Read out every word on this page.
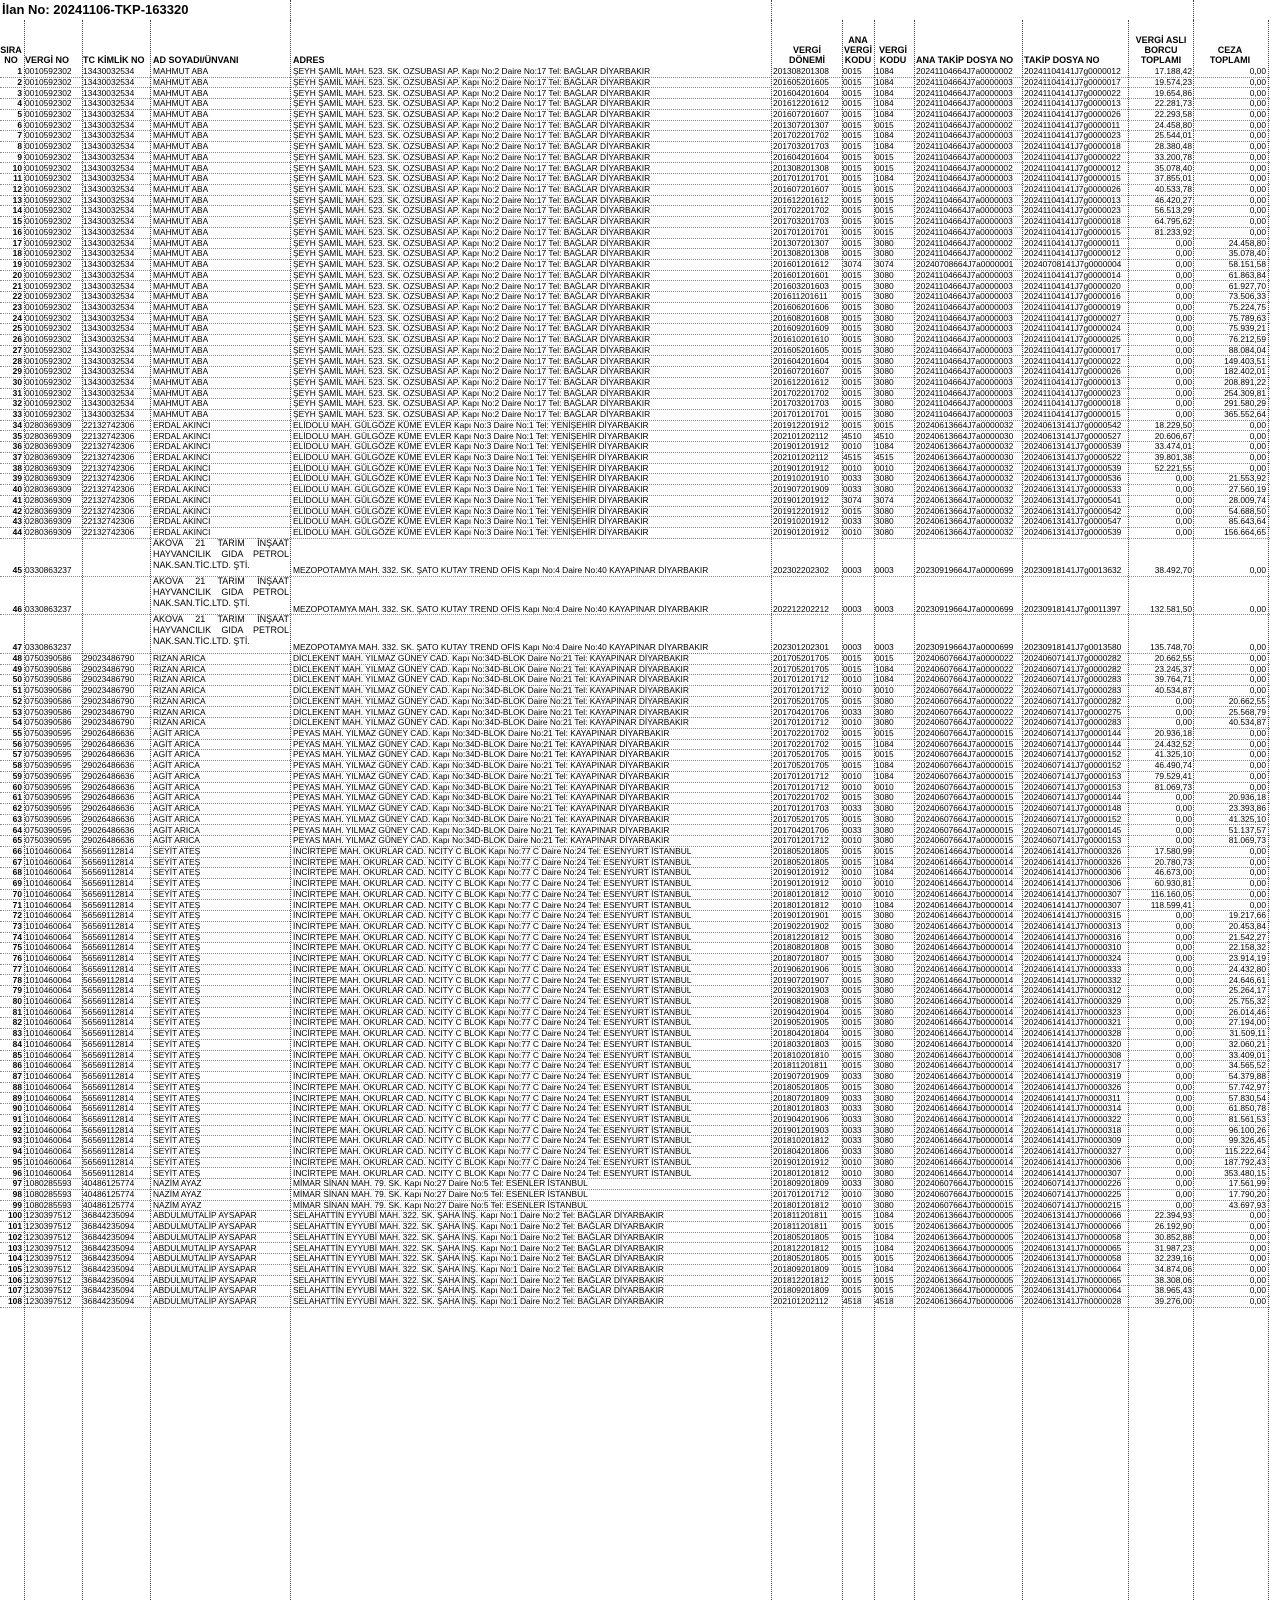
İlan No: 20241106-TKP-163320
SIRA
NO VERGİ NO	TC KİMLİK NO AD SOYADI/ÜNVANI	ADRES
VERGİ
DÖNEMİ
ANA
VERGİ
KODU
VERGİ
KODU	ANA TAKİP DOSYA NO	TAKİP DOSYA NO
VERGİ ASLI
BORCU
TOPLAMI
CEZA
TOPLAMI
1 0010592302	13430032534	MAHMUT ABA	ŞEYH ŞAMİL MAH. 523. SK. OZSUBASI AP. Kapı No:2 Daire No:17 Tel: BAĞLAR DİYARBAKIR	201308201308	0015	1084	20241104664J7a0000002	20241104141J7g0000012	17.188,42	0,00
2 0010592302	13430032534	MAHMUT ABA	ŞEYH ŞAMİL MAH. 523. SK. OZSUBASI AP. Kapı No:2 Daire No:17 Tel: BAĞLAR DİYARBAKIR	201605201605	0015	1084	20241104664J7a0000003	20241104141J7g0000017	19.574,23	0,00
3 0010592302	13430032534	MAHMUT ABA	ŞEYH ŞAMİL MAH. 523. SK. OZSUBASI AP. Kapı No:2 Daire No:17 Tel: BAĞLAR DİYARBAKIR	201604201604	0015	1084	20241104664J7a0000003	20241104141J7g0000022	19.654,86	0,00
4 0010592302	13430032534	MAHMUT ABA	ŞEYH ŞAMİL MAH. 523. SK. OZSUBASI AP. Kapı No:2 Daire No:17 Tel: BAĞLAR DİYARBAKIR	201612201612	0015	1084	20241104664J7a0000003	20241104141J7g0000013	22.281,73	0,00
5 0010592302	13430032534	MAHMUT ABA	ŞEYH ŞAMİL MAH. 523. SK. OZSUBASI AP. Kapı No:2 Daire No:17 Tel: BAĞLAR DİYARBAKIR	201607201607	0015	1084	20241104664J7a0000003	20241104141J7g0000026	22.293,58	0,00
6 0010592302	13430032534	MAHMUT ABA	ŞEYH ŞAMİL MAH. 523. SK. OZSUBASI AP. Kapı No:2 Daire No:17 Tel: BAĞLAR DİYARBAKIR	201307201307	0015	0015	20241104664J7a0000002	20241104141J7g0000011	24.458,80	0,00
7 0010592302	13430032534	MAHMUT ABA	ŞEYH ŞAMİL MAH. 523. SK. OZSUBASI AP. Kapı No:2 Daire No:17 Tel: BAĞLAR DİYARBAKIR	201702201702	0015	1084	20241104664J7a0000003	20241104141J7g0000023	25.544,01	0,00
8 0010592302	13430032534	MAHMUT ABA	ŞEYH ŞAMİL MAH. 523. SK. OZSUBASI AP. Kapı No:2 Daire No:17 Tel: BAĞLAR DİYARBAKIR	201703201703	0015	1084	20241104664J7a0000003	20241104141J7g0000018	28.380,48	0,00
9 0010592302	13430032534	MAHMUT ABA	ŞEYH ŞAMİL MAH. 523. SK. OZSUBASI AP. Kapı No:2 Daire No:17 Tel: BAĞLAR DİYARBAKIR	201604201604	0015	0015	20241104664J7a0000003	20241104141J7g0000022	33.200,78	0,00
10 0010592302	13430032534	MAHMUT ABA	ŞEYH ŞAMİL MAH. 523. SK. OZSUBASI AP. Kapı No:2 Daire No:17 Tel: BAĞLAR DİYARBAKIR	201308201308	0015	0015	20241104664J7a0000002	20241104141J7g0000012	35.078,40	0,00
11 0010592302	13430032534	MAHMUT ABA	ŞEYH ŞAMİL MAH. 523. SK. OZSUBASI AP. Kapı No:2 Daire No:17 Tel: BAĞLAR DİYARBAKIR	201701201701	0015	1084	20241104664J7a0000003	20241104141J7g0000015	37.855,01	0,00
12 0010592302	13430032534	MAHMUT ABA	ŞEYH ŞAMİL MAH. 523. SK. OZSUBASI AP. Kapı No:2 Daire No:17 Tel: BAĞLAR DİYARBAKIR	201607201607	0015	0015	20241104664J7a0000003	20241104141J7g0000026	40.533,78	0,00
13 0010592302	13430032534	MAHMUT ABA	ŞEYH ŞAMİL MAH. 523. SK. OZSUBASI AP. Kapı No:2 Daire No:17 Tel: BAĞLAR DİYARBAKIR	201612201612	0015	0015	20241104664J7a0000003	20241104141J7g0000013	46.420,27	0,00
14 0010592302	13430032534	MAHMUT ABA	ŞEYH ŞAMİL MAH. 523. SK. OZSUBASI AP. Kapı No:2 Daire No:17 Tel: BAĞLAR DİYARBAKIR	201702201702	0015	0015	20241104664J7a0000003	20241104141J7g0000023	56.513,29	0,00
15 0010592302	13430032534	MAHMUT ABA	ŞEYH ŞAMİL MAH. 523. SK. OZSUBASI AP. Kapı No:2 Daire No:17 Tel: BAĞLAR DİYARBAKIR	201703201703	0015	0015	20241104664J7a0000003	20241104141J7g0000018	64.795,62	0,00
16 0010592302	13430032534	MAHMUT ABA	ŞEYH ŞAMİL MAH. 523. SK. OZSUBASI AP. Kapı No:2 Daire No:17 Tel: BAĞLAR DİYARBAKIR	201701201701	0015	0015	20241104664J7a0000003	20241104141J7g0000015	81.233,92	0,00
17 0010592302	13430032534	MAHMUT ABA	ŞEYH ŞAMİL MAH. 523. SK. OZSUBASI AP. Kapı No:2 Daire No:17 Tel: BAĞLAR DİYARBAKIR	201307201307	0015	3080	20241104664J7a0000002	20241104141J7g0000011	0,00	24.458,80
18 0010592302	13430032534	MAHMUT ABA	ŞEYH ŞAMİL MAH. 523. SK. OZSUBASI AP. Kapı No:2 Daire No:17 Tel: BAĞLAR DİYARBAKIR	201308201308	0015	3080	20241104664J7a0000002	20241104141J7g0000012	0,00	35.078,40
19 0010592302	13430032534	MAHMUT ABA	ŞEYH ŞAMİL MAH. 523. SK. OZSUBASI AP. Kapı No:2 Daire No:17 Tel: BAĞLAR DİYARBAKIR	201601201612	3074	3074	20240708664J7a0000001	20240708141J7g0000004	0,00	58.151,58
20 0010592302	13430032534	MAHMUT ABA	ŞEYH ŞAMİL MAH. 523. SK. OZSUBASI AP. Kapı No:2 Daire No:17 Tel: BAĞLAR DİYARBAKIR	201601201601	0015	3080	20241104664J7a0000003	20241104141J7g0000014	0,00	61.863,84
21 0010592302	13430032534	MAHMUT ABA	ŞEYH ŞAMİL MAH. 523. SK. OZSUBASI AP. Kapı No:2 Daire No:17 Tel: BAĞLAR DİYARBAKIR	201603201603	0015	3080	20241104664J7a0000003	20241104141J7g0000020	0,00	61.927,70
22 0010592302	13430032534	MAHMUT ABA	ŞEYH ŞAMİL MAH. 523. SK. OZSUBASI AP. Kapı No:2 Daire No:17 Tel: BAĞLAR DİYARBAKIR	201611201611	0015	3080	20241104664J7a0000003	20241104141J7g0000016	0,00	73.506,33
23 0010592302	13430032534	MAHMUT ABA	ŞEYH ŞAMİL MAH. 523. SK. OZSUBASI AP. Kapı No:2 Daire No:17 Tel: BAĞLAR DİYARBAKIR	201606201606	0015	3080	20241104664J7a0000003	20241104141J7g0000019	0,00	75.224,75
24 0010592302	13430032534	MAHMUT ABA	ŞEYH ŞAMİL MAH. 523. SK. OZSUBASI AP. Kapı No:2 Daire No:17 Tel: BAĞLAR DİYARBAKIR	201608201608	0015	3080	20241104664J7a0000003	20241104141J7g0000027	0,00	75.789,63
25 0010592302	13430032534	MAHMUT ABA	ŞEYH ŞAMİL MAH. 523. SK. OZSUBASI AP. Kapı No:2 Daire No:17 Tel: BAĞLAR DİYARBAKIR	201609201609	0015	3080	20241104664J7a0000003	20241104141J7g0000024	0,00	75.939,21
26 0010592302	13430032534	MAHMUT ABA	ŞEYH ŞAMİL MAH. 523. SK. OZSUBASI AP. Kapı No:2 Daire No:17 Tel: BAĞLAR DİYARBAKIR	201610201610	0015	3080	20241104664J7a0000003	20241104141J7g0000025	0,00	76.212,59
27 0010592302	13430032534	MAHMUT ABA	ŞEYH ŞAMİL MAH. 523. SK. OZSUBASI AP. Kapı No:2 Daire No:17 Tel: BAĞLAR DİYARBAKIR	201605201605	0015	3080	20241104664J7a0000003	20241104141J7g0000017	0,00	88.084,04
28 0010592302	13430032534	MAHMUT ABA	ŞEYH ŞAMİL MAH. 523. SK. OZSUBASI AP. Kapı No:2 Daire No:17 Tel: BAĞLAR DİYARBAKIR	201604201604	0015	3080	20241104664J7a0000003	20241104141J7g0000022	0,00	149.403,51
29 0010592302	13430032534	MAHMUT ABA	ŞEYH ŞAMİL MAH. 523. SK. OZSUBASI AP. Kapı No:2 Daire No:17 Tel: BAĞLAR DİYARBAKIR	201607201607	0015	3080	20241104664J7a0000003	20241104141J7g0000026	0,00	182.402,01
30 0010592302	13430032534	MAHMUT ABA	ŞEYH ŞAMİL MAH. 523. SK. OZSUBASI AP. Kapı No:2 Daire No:17 Tel: BAĞLAR DİYARBAKIR	201612201612	0015	3080	20241104664J7a0000003	20241104141J7g0000013	0,00	208.891,22
31 0010592302	13430032534	MAHMUT ABA	ŞEYH ŞAMİL MAH. 523. SK. OZSUBASI AP. Kapı No:2 Daire No:17 Tel: BAĞLAR DİYARBAKIR	201702201702	0015	3080	20241104664J7a0000003	20241104141J7g0000023	0,00	254.309,81
32 0010592302	13430032534	MAHMUT ABA	ŞEYH ŞAMİL MAH. 523. SK. OZSUBASI AP. Kapı No:2 Daire No:17 Tel: BAĞLAR DİYARBAKIR	201703201703	0015	3080	20241104664J7a0000003	20241104141J7g0000018	0,00	291.580,29
33 0010592302	13430032534	MAHMUT ABA	ŞEYH ŞAMİL MAH. 523. SK. OZSUBASI AP. Kapı No:2 Daire No:17 Tel: BAĞLAR DİYARBAKIR	201701201701	0015	3080	20241104664J7a0000003	20241104141J7g0000015	0,00	365.552,64
34 0280369309	22132742306	ERDAL AKINCI	ELİDOLU MAH. GÜLGÖZE KÜME EVLER Kapı No:3 Daire No:1 Tel: YENİŞEHİR DİYARBAKIR	201912201912	0015	0015	20240613664J7a0000032	20240613141J7g0000542	18.229,50	0,00
35 0280369309	22132742306	ERDAL AKINCI	ELİDOLU MAH. GÜLGÖZE KÜME EVLER Kapı No:3 Daire No:1 Tel: YENİŞEHİR DİYARBAKIR	202101202112	4510	4510	20240613664J7a0000030	20240613141J7g0000527	20.606,67	0,00
36 0280369309	22132742306	ERDAL AKINCI	ELİDOLU MAH. GÜLGÖZE KÜME EVLER Kapı No:3 Daire No:1 Tel: YENİŞEHİR DİYARBAKIR	201901201912	0010	1084	20240613664J7a0000032	20240613141J7g0000539	33.474,01	0,00
37 0280369309	22132742306	ERDAL AKINCI	ELİDOLU MAH. GÜLGÖZE KÜME EVLER Kapı No:3 Daire No:1 Tel: YENİŞEHİR DİYARBAKIR	202101202112	4515	4515	20240613664J7a0000030	20240613141J7g0000522	39.801,38	0,00
38 0280369309	22132742306	ERDAL AKINCI	ELİDOLU MAH. GÜLGÖZE KÜME EVLER Kapı No:3 Daire No:1 Tel: YENİŞEHİR DİYARBAKIR	201901201912	0010	0010	20240613664J7a0000032	20240613141J7g0000539	52.221,55	0,00
39 0280369309	22132742306	ERDAL AKINCI	ELİDOLU MAH. GÜLGÖZE KÜME EVLER Kapı No:3 Daire No:1 Tel: YENİŞEHİR DİYARBAKIR	201910201910	0033	3080	20240613664J7a0000032	20240613141J7g0000536	0,00	21.553,92
40 0280369309	22132742306	ERDAL AKINCI	ELİDOLU MAH. GÜLGÖZE KÜME EVLER Kapı No:3 Daire No:1 Tel: YENİŞEHİR DİYARBAKIR	201907201909	0033	3080	20240613664J7a0000032	20240613141J7g0000533	0,00	27.560,19
41 0280369309	22132742306	ERDAL AKINCI	ELİDOLU MAH. GÜLGÖZE KÜME EVLER Kapı No:3 Daire No:1 Tel: YENİŞEHİR DİYARBAKIR	201901201912	3074	3074	20240613664J7a0000032	20240613141J7g0000541	0,00	28.009,74
42 0280369309	22132742306	ERDAL AKINCI	ELİDOLU MAH. GÜLGÖZE KÜME EVLER Kapı No:3 Daire No:1 Tel: YENİŞEHİR DİYARBAKIR	201912201912	0015	3080	20240613664J7a0000032	20240613141J7g0000542	0,00	54.688,50
43 0280369309	22132742306	ERDAL AKINCI	ELİDOLU MAH. GÜLGÖZE KÜME EVLER Kapı No:3 Daire No:1 Tel: YENİŞEHİR DİYARBAKIR	201910201912	0033	3080	20240613664J7a0000032	20240613141J7g0000547	0,00	85.643,64
44 0280369309	22132742306	ERDAL AKINCI	ELİDOLU MAH. GÜLGÖZE KÜME EVLER Kapı No:3 Daire No:1 Tel: YENİŞEHİR DİYARBAKIR	201901201912	0010	3080	20240613664J7a0000032	20240613141J7g0000539	0,00	156.664,65
45 0330863237
AKOVA 21 TARIM İNŞAAT HAYVANCILIK GIDA PETROL NAK.SAN.TİC.LTD. ŞTİ.
MEZOPOTAMYA MAH. 332. SK. ŞATO KUTAY TREND OFİS Kapı No:4 Daire No:40 KAYAPINAR DİYARBAKIR	202302202302	0003	0003	20230919664J7a0000699	20230918141J7g0013632	38.492,70	0,00
46 0330863237
AKOVA 21 TARIM İNŞAAT HAYVANCILIK GIDA PETROL NAK.SAN.TİC.LTD. ŞTİ.
MEZOPOTAMYA MAH. 332. SK. ŞATO KUTAY TREND OFİS Kapı No:4 Daire No:40 KAYAPINAR DİYARBAKIR	202212202212	0003	0003	20230919664J7a0000699	20230918141J7g0011397	132.581,50	0,00
47 0330863237
AKOVA 21 TARIM İNŞAAT HAYVANCILIK GIDA PETROL NAK.SAN.TİC.LTD. ŞTİ.
MEZOPOTAMYA MAH. 332. SK. ŞATO KUTAY TREND OFİS Kapı No:4 Daire No:40 KAYAPINAR DİYARBAKIR	202301202301	0003	0003	20230919664J7a0000699	20230918141J7g0013580	135.748,70	0,00
48 0750390586	29023486790	RIZAN ARICA	DİCLEKENT MAH. YILMAZ GÜNEY CAD. Kapı No:34D-BLOK Daire No:21 Tel: KAYAPINAR DİYARBAKIR	201705201705	0015	0015	20240607664J7a0000022	20240607141J7g0000282	20.662,55	0,00
49 0750390586	29023486790	RIZAN ARICA	DİCLEKENT MAH. YILMAZ GÜNEY CAD. Kapı No:34D-BLOK Daire No:21 Tel: KAYAPINAR DİYARBAKIR	201705201705	0015	1084	20240607664J7a0000022	20240607141J7g0000282	23.245,37	0,00
50 0750390586	29023486790	RIZAN ARICA	DİCLEKENT MAH. YILMAZ GÜNEY CAD. Kapı No:34D-BLOK Daire No:21 Tel: KAYAPINAR DİYARBAKIR	201701201712	0010	1084	20240607664J7a0000022	20240607141J7g0000283	39.764,71	0,00
51 0750390586	29023486790	RIZAN ARICA	DİCLEKENT MAH. YILMAZ GÜNEY CAD. Kapı No:34D-BLOK Daire No:21 Tel: KAYAPINAR DİYARBAKIR	201701201712	0010	0010	20240607664J7a0000022	20240607141J7g0000283	40.534,87	0,00
52 0750390586	29023486790	RIZAN ARICA	DİCLEKENT MAH. YILMAZ GÜNEY CAD. Kapı No:34D-BLOK Daire No:21 Tel: KAYAPINAR DİYARBAKIR	201705201705	0015	3080	20240607664J7a0000022	20240607141J7g0000282	0,00	20.662,55
53 0750390586	29023486790	RIZAN ARICA	DİCLEKENT MAH. YILMAZ GÜNEY CAD. Kapı No:34D-BLOK Daire No:21 Tel: KAYAPINAR DİYARBAKIR	201704201706	0033	3080	20240607664J7a0000022	20240607141J7g0000275	0,00	25.568,79
54 0750390586	29023486790	RIZAN ARICA	DİCLEKENT MAH. YILMAZ GÜNEY CAD. Kapı No:34D-BLOK Daire No:21 Tel: KAYAPINAR DİYARBAKIR	201701201712	0010	3080	20240607664J7a0000022	20240607141J7g0000283	0,00	40.534,87
55 0750390595	29026486636	AGİT ARICA	PEYAS MAH. YILMAZ GÜNEY CAD. Kapı No:34D-BLOK Daire No:21 Tel: KAYAPINAR DİYARBAKIR	201702201702	0015	0015	20240607664J7a0000015	20240607141J7g0000144	20.936,18	0,00
56 0750390595	29026486636	AGİT ARICA	PEYAS MAH. YILMAZ GÜNEY CAD. Kapı No:34D-BLOK Daire No:21 Tel: KAYAPINAR DİYARBAKIR	201702201702	0015	1084	20240607664J7a0000015	20240607141J7g0000144	24.432,52	0,00
57 0750390595	29026486636	AGİT ARICA	PEYAS MAH. YILMAZ GÜNEY CAD. Kapı No:34D-BLOK Daire No:21 Tel: KAYAPINAR DİYARBAKIR	201705201705	0015	0015	20240607664J7a0000015	20240607141J7g0000152	41.325,10	0,00
58 0750390595	29026486636	AGİT ARICA	PEYAS MAH. YILMAZ GÜNEY CAD. Kapı No:34D-BLOK Daire No:21 Tel: KAYAPINAR DİYARBAKIR	201705201705	0015	1084	20240607664J7a0000015	20240607141J7g0000152	46.490,74	0,00
59 0750390595	29026486636	AGİT ARICA	PEYAS MAH. YILMAZ GÜNEY CAD. Kapı No:34D-BLOK Daire No:21 Tel: KAYAPINAR DİYARBAKIR	201701201712	0010	1084	20240607664J7a0000015	20240607141J7g0000153	79.529,41	0,00
60 0750390595	29026486636	AGİT ARICA	PEYAS MAH. YILMAZ GÜNEY CAD. Kapı No:34D-BLOK Daire No:21 Tel: KAYAPINAR DİYARBAKIR	201701201712	0010	0010	20240607664J7a0000015	20240607141J7g0000153	81.069,73	0,00
61 0750390595	29026486636	AGİT ARICA	PEYAS MAH. YILMAZ GÜNEY CAD. Kapı No:34D-BLOK Daire No:21 Tel: KAYAPINAR DİYARBAKIR	201702201702	0015	3080	20240607664J7a0000015	20240607141J7g0000144	0,00	20.936,18
62 0750390595	29026486636	AGİT ARICA	PEYAS MAH. YILMAZ GÜNEY CAD. Kapı No:34D-BLOK Daire No:21 Tel: KAYAPINAR DİYARBAKIR	201701201703	0033	3080	20240607664J7a0000015	20240607141J7g0000148	0,00	23.393,86
63 0750390595	29026486636	AGİT ARICA	PEYAS MAH. YILMAZ GÜNEY CAD. Kapı No:34D-BLOK Daire No:21 Tel: KAYAPINAR DİYARBAKIR	201705201705	0015	3080	20240607664J7a0000015	20240607141J7g0000152	0,00	41.325,10
64 0750390595	29026486636	AGİT ARICA	PEYAS MAH. YILMAZ GÜNEY CAD. Kapı No:34D-BLOK Daire No:21 Tel: KAYAPINAR DİYARBAKIR	201704201706	0033	3080	20240607664J7a0000015	20240607141J7g0000145	0,00	51.137,57
65 0750390595	29026486636	AGİT ARICA	PEYAS MAH. YILMAZ GÜNEY CAD. Kapı No:34D-BLOK Daire No:21 Tel: KAYAPINAR DİYARBAKIR	201701201712	0010	3080	20240607664J7a0000015	20240607141J7g0000153	0,00	81.069,73
66 1010460064	56569112814	SEYİT ATEŞ	İNCİRTEPE MAH. OKURLAR CAD. NCITY C BLOK Kapı No:77 C Daire No:24 Tel: ESENYURT İSTANBUL	201805201805	0015	0015	20240614664J7b0000014	20240614141J7h0000326	17.580,99	0,00
67 1010460064	56569112814	SEYİT ATEŞ	İNCİRTEPE MAH. OKURLAR CAD. NCITY C BLOK Kapı No:77 C Daire No:24 Tel: ESENYURT İSTANBUL	201805201805	0015	1084	20240614664J7b0000014	20240614141J7h0000326	20.780,73	0,00
68 1010460064	56569112814	SEYİT ATEŞ	İNCİRTEPE MAH. OKURLAR CAD. NCITY C BLOK Kapı No:77 C Daire No:24 Tel: ESENYURT İSTANBUL	201901201912	0010	1084	20240614664J7b0000014	20240614141J7h0000306	46.673,00	0,00
69 1010460064	56569112814	SEYİT ATEŞ	İNCİRTEPE MAH. OKURLAR CAD. NCITY C BLOK Kapı No:77 C Daire No:24 Tel: ESENYURT İSTANBUL	201901201912	0010	0010	20240614664J7b0000014	20240614141J7h0000306	60.930,81	0,00
70 1010460064	56569112814	SEYİT ATEŞ	İNCİRTEPE MAH. OKURLAR CAD. NCITY C BLOK Kapı No:77 C Daire No:24 Tel: ESENYURT İSTANBUL	201801201812	0010	0010	20240614664J7b0000014	20240614141J7h0000307	116.160,05	0,00
71 1010460064	56569112814	SEYİT ATEŞ	İNCİRTEPE MAH. OKURLAR CAD. NCITY C BLOK Kapı No:77 C Daire No:24 Tel: ESENYURT İSTANBUL	201801201812	0010	1084	20240614664J7b0000014	20240614141J7h0000307	118.599,41	0,00
72 1010460064	56569112814	SEYİT ATEŞ	İNCİRTEPE MAH. OKURLAR CAD. NCITY C BLOK Kapı No:77 C Daire No:24 Tel: ESENYURT İSTANBUL	201901201901	0015	3080	20240614664J7b0000014	20240614141J7h0000315	0,00	19.217,66
73 1010460064	56569112814	SEYİT ATEŞ	İNCİRTEPE MAH. OKURLAR CAD. NCITY C BLOK Kapı No:77 C Daire No:24 Tel: ESENYURT İSTANBUL	201902201902	0015	3080	20240614664J7b0000014	20240614141J7h0000313	0,00	20.453,84
74 1010460064	56569112814	SEYİT ATEŞ	İNCİRTEPE MAH. OKURLAR CAD. NCITY C BLOK Kapı No:77 C Daire No:24 Tel: ESENYURT İSTANBUL	201812201812	0015	3080	20240614664J7b0000014	20240614141J7h0000316	0,00	21.542,27
75 1010460064	56569112814	SEYİT ATEŞ	İNCİRTEPE MAH. OKURLAR CAD. NCITY C BLOK Kapı No:77 C Daire No:24 Tel: ESENYURT İSTANBUL	201808201808	0015	3080	20240614664J7b0000014	20240614141J7h0000310	0,00	22.158,32
76 1010460064	56569112814	SEYİT ATEŞ	İNCİRTEPE MAH. OKURLAR CAD. NCITY C BLOK Kapı No:77 C Daire No:24 Tel: ESENYURT İSTANBUL	201807201807	0015	3080	20240614664J7b0000014	20240614141J7h0000324	0,00	23.914,19
77 1010460064	56569112814	SEYİT ATEŞ	İNCİRTEPE MAH. OKURLAR CAD. NCITY C BLOK Kapı No:77 C Daire No:24 Tel: ESENYURT İSTANBUL	201906201906	0015	3080	20240614664J7b0000014	20240614141J7h0000333	0,00	24.432,80
78 1010460064	56569112814	SEYİT ATEŞ	İNCİRTEPE MAH. OKURLAR CAD. NCITY C BLOK Kapı No:77 C Daire No:24 Tel: ESENYURT İSTANBUL	201907201907	0015	3080	20240614664J7b0000014	20240614141J7h0000332	0,00	24.646,61
79 1010460064	56569112814	SEYİT ATEŞ	İNCİRTEPE MAH. OKURLAR CAD. NCITY C BLOK Kapı No:77 C Daire No:24 Tel: ESENYURT İSTANBUL	201903201903	0015	3080	20240614664J7b0000014	20240614141J7h0000312	0,00	25.264,17
80 1010460064	56569112814	SEYİT ATEŞ	İNCİRTEPE MAH. OKURLAR CAD. NCITY C BLOK Kapı No:77 C Daire No:24 Tel: ESENYURT İSTANBUL	201908201908	0015	3080	20240614664J7b0000014	20240614141J7h0000329	0,00	25.755,32
81 1010460064	56569112814	SEYİT ATEŞ	İNCİRTEPE MAH. OKURLAR CAD. NCITY C BLOK Kapı No:77 C Daire No:24 Tel: ESENYURT İSTANBUL	201904201904	0015	3080	20240614664J7b0000014	20240614141J7h0000323	0,00	26.014,46
82 1010460064	56569112814	SEYİT ATEŞ	İNCİRTEPE MAH. OKURLAR CAD. NCITY C BLOK Kapı No:77 C Daire No:24 Tel: ESENYURT İSTANBUL	201905201905	0015	3080	20240614664J7b0000014	20240614141J7h0000321	0,00	27.194,00
83 1010460064	56569112814	SEYİT ATEŞ	İNCİRTEPE MAH. OKURLAR CAD. NCITY C BLOK Kapı No:77 C Daire No:24 Tel: ESENYURT İSTANBUL	201804201804	0015	3080	20240614664J7b0000014	20240614141J7h0000328	0,00	31.509,11
84 1010460064	56569112814	SEYİT ATEŞ	İNCİRTEPE MAH. OKURLAR CAD. NCITY C BLOK Kapı No:77 C Daire No:24 Tel: ESENYURT İSTANBUL	201803201803	0015	3080	20240614664J7b0000014	20240614141J7h0000320	0,00	32.060,21
85 1010460064	56569112814	SEYİT ATEŞ	İNCİRTEPE MAH. OKURLAR CAD. NCITY C BLOK Kapı No:77 C Daire No:24 Tel: ESENYURT İSTANBUL	201810201810	0015	3080	20240614664J7b0000014	20240614141J7h0000308	0,00	33.409,01
86 1010460064	56569112814	SEYİT ATEŞ	İNCİRTEPE MAH. OKURLAR CAD. NCITY C BLOK Kapı No:77 C Daire No:24 Tel: ESENYURT İSTANBUL	201811201811	0015	3080	20240614664J7b0000014	20240614141J7h0000317	0,00	34.565,52
87 1010460064	56569112814	SEYİT ATEŞ	İNCİRTEPE MAH. OKURLAR CAD. NCITY C BLOK Kapı No:77 C Daire No:24 Tel: ESENYURT İSTANBUL	201907201909	0033	3080	20240614664J7b0000014	20240614141J7h0000319	0,00	54.379,88
88 1010460064	56569112814	SEYİT ATEŞ	İNCİRTEPE MAH. OKURLAR CAD. NCITY C BLOK Kapı No:77 C Daire No:24 Tel: ESENYURT İSTANBUL	201805201805	0015	3080	20240614664J7b0000014	20240614141J7h0000326	0,00	57.742,97
89 1010460064	56569112814	SEYİT ATEŞ	İNCİRTEPE MAH. OKURLAR CAD. NCITY C BLOK Kapı No:77 C Daire No:24 Tel: ESENYURT İSTANBUL	201807201809	0033	3080	20240614664J7b0000014	20240614141J7h0000311	0,00	57.830,54
90 1010460064	56569112814	SEYİT ATEŞ	İNCİRTEPE MAH. OKURLAR CAD. NCITY C BLOK Kapı No:77 C Daire No:24 Tel: ESENYURT İSTANBUL	201801201803	0033	3080	20240614664J7b0000014	20240614141J7h0000314	0,00	61.850,78
91 1010460064	56569112814	SEYİT ATEŞ	İNCİRTEPE MAH. OKURLAR CAD. NCITY C BLOK Kapı No:77 C Daire No:24 Tel: ESENYURT İSTANBUL	201904201906	0033	3080	20240614664J7b0000014	20240614141J7h0000322	0,00	81.561,53
92 1010460064	56569112814	SEYİT ATEŞ	İNCİRTEPE MAH. OKURLAR CAD. NCITY C BLOK Kapı No:77 C Daire No:24 Tel: ESENYURT İSTANBUL	201901201903	0033	3080	20240614664J7b0000014	20240614141J7h0000318	0,00	96.100,26
93 1010460064	56569112814	SEYİT ATEŞ	İNCİRTEPE MAH. OKURLAR CAD. NCITY C BLOK Kapı No:77 C Daire No:24 Tel: ESENYURT İSTANBUL	201810201812	0033	3080	20240614664J7b0000014	20240614141J7h0000309	0,00	99.326,45
94 1010460064	56569112814	SEYİT ATEŞ	İNCİRTEPE MAH. OKURLAR CAD. NCITY C BLOK Kapı No:77 C Daire No:24 Tel: ESENYURT İSTANBUL	201804201806	0033	3080	20240614664J7b0000014	20240614141J7h0000327	0,00	115.222,64
95 1010460064	56569112814	SEYİT ATEŞ	İNCİRTEPE MAH. OKURLAR CAD. NCITY C BLOK Kapı No:77 C Daire No:24 Tel: ESENYURT İSTANBUL	201901201912	0010	3080	20240614664J7b0000014	20240614141J7h0000306	0,00	187.792,43
96 1010460064	56569112814	SEYİT ATEŞ	İNCİRTEPE MAH. OKURLAR CAD. NCITY C BLOK Kapı No:77 C Daire No:24 Tel: ESENYURT İSTANBUL	201801201812	0010	3080	20240614664J7b0000014	20240614141J7h0000307	0,00	353.480,15
97 1080285593	40486125774	NAZİM AYAZ	MİMAR SİNAN MAH. 79. SK. Kapı No:27 Daire No:5 Tel: ESENLER İSTANBUL	201809201809	0033	3080	20240607664J7b0000015	20240607141J7h0000226	0,00	17.561,99
98 1080285593	40486125774	NAZİM AYAZ	MİMAR SİNAN MAH. 79. SK. Kapı No:27 Daire No:5 Tel: ESENLER İSTANBUL	201701201712	0010	3080	20240607664J7b0000015	20240607141J7h0000225	0,00	17.790,20
99 1080285593	40486125774	NAZİM AYAZ	MİMAR SİNAN MAH. 79. SK. Kapı No:27 Daire No:5 Tel: ESENLER İSTANBUL	201801201812	0010	3080	20240607664J7b0000015	20240607141J7h0000215	0,00	43.697,93
100 1230397512	36844235094	ABDULMUTALİP AYSAPAR	SELAHATTİN EYYUBİ MAH. 322. SK. ŞAHA İNŞ. Kapı No:1 Daire No:2 Tel: BAĞLAR DİYARBAKIR	201811201811	0015	1084	20240613664J7b0000005	20240613141J7h0000066	22.394,93	0,00
101 1230397512	36844235094	ABDULMUTALİP AYSAPAR	SELAHATTİN EYYUBİ MAH. 322. SK. ŞAHA İNŞ. Kapı No:1 Daire No:2 Tel: BAĞLAR DİYARBAKIR	201811201811	0015	0015	20240613664J7b0000005	20240613141J7h0000066	26.192,90	0,00
102 1230397512	36844235094	ABDULMUTALİP AYSAPAR	SELAHATTİN EYYUBİ MAH. 322. SK. ŞAHA İNŞ. Kapı No:1 Daire No:2 Tel: BAĞLAR DİYARBAKIR	201805201805	0015	1084	20240613664J7b0000005	20240613141J7h0000058	30.852,88	0,00
103 1230397512	36844235094	ABDULMUTALİP AYSAPAR	SELAHATTİN EYYUBİ MAH. 322. SK. ŞAHA İNŞ. Kapı No:1 Daire No:2 Tel: BAĞLAR DİYARBAKIR	201812201812	0015	1084	20240613664J7b0000005	20240613141J7h0000065	31.987,23	0,00
104 1230397512	36844235094	ABDULMUTALİP AYSAPAR	SELAHATTİN EYYUBİ MAH. 322. SK. ŞAHA İNŞ. Kapı No:1 Daire No:2 Tel: BAĞLAR DİYARBAKIR	201805201805	0015	0015	20240613664J7b0000005	20240613141J7h0000058	32.239,16	0,00
105 1230397512	36844235094	ABDULMUTALİP AYSAPAR	SELAHATTİN EYYUBİ MAH. 322. SK. ŞAHA İNŞ. Kapı No:1 Daire No:2 Tel: BAĞLAR DİYARBAKIR	201809201809	0015	1084	20240613664J7b0000005	20240613141J7h0000064	34.874,06	0,00
106 1230397512	36844235094	ABDULMUTALİP AYSAPAR	SELAHATTİN EYYUBİ MAH. 322. SK. ŞAHA İNŞ. Kapı No:1 Daire No:2 Tel: BAĞLAR DİYARBAKIR	201812201812	0015	0015	20240613664J7b0000005	20240613141J7h0000065	38.308,06	0,00
107 1230397512	36844235094	ABDULMUTALİP AYSAPAR	SELAHATTİN EYYUBİ MAH. 322. SK. ŞAHA İNŞ. Kapı No:1 Daire No:2 Tel: BAĞLAR DİYARBAKIR	201809201809	0015	0015	20240613664J7b0000005	20240613141J7h0000064	38.965,43	0,00
108 1230397512	36844235094	ABDULMUTALİP AYSAPAR	SELAHATTİN EYYUBİ MAH. 322. SK. ŞAHA İNŞ. Kapı No:1 Daire No:2 Tel: BAĞLAR DİYARBAKIR	202101202112	4518	4518	20240613664J7b0000006	20240613141J7h0000028	39.276,00	0,00
